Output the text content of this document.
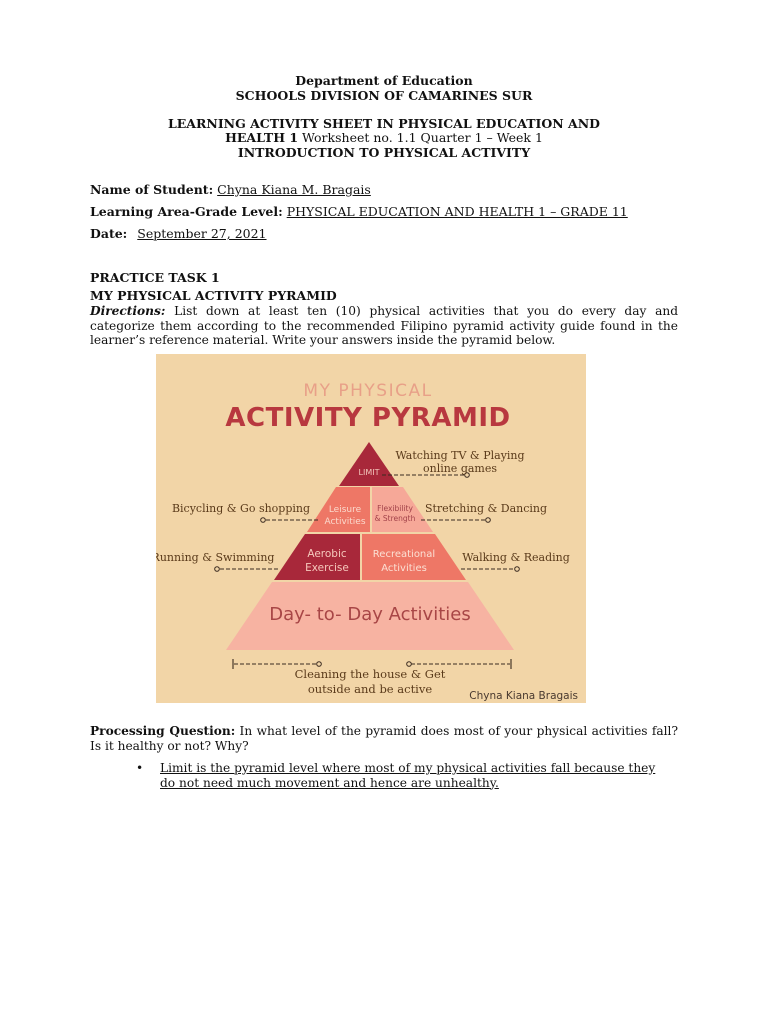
Department of Education
SCHOOLS DIVISION OF CAMARINES SUR
LEARNING ACTIVITY SHEET IN PHYSICAL EDUCATION AND
HEALTH 1 Worksheet no. 1.1 Quarter 1 – Week 1
INTRODUCTION TO PHYSICAL ACTIVITY
Name of Student: Chyna Kiana M. Bragais
Learning Area-Grade Level: PHYSICAL EDUCATION AND HEALTH 1 – GRADE 11
Date: September 27, 2021
PRACTICE TASK 1
MY PHYSICAL ACTIVITY PYRAMID
Directions: List down at least ten (10) physical activities that you do every day and categorize them according to the recommended Filipino pyramid activity guide found in the learner’s reference material. Write your answers inside the pyramid below.
MY PHYSICAL
ACTIVITY PYRAMID
LIMIT
Leisure
Activities
Flexibility
& Strength
Aerobic
Exercise
Recreational
Activities
Day- to- Day Activities
Watching TV & Playing
online games
Bicycling & Go shopping	Stretching & Dancing
Running & Swimming	Walking & Reading
Cleaning the house & Get
outside and be active	Chyna Kiana Bragais
Processing Question: In what level of the pyramid does most of your physical activities fall? Is it healthy or not? Why?
• Limit is the pyramid level where most of my physical activities fall because they do not need much movement and hence are unhealthy.
